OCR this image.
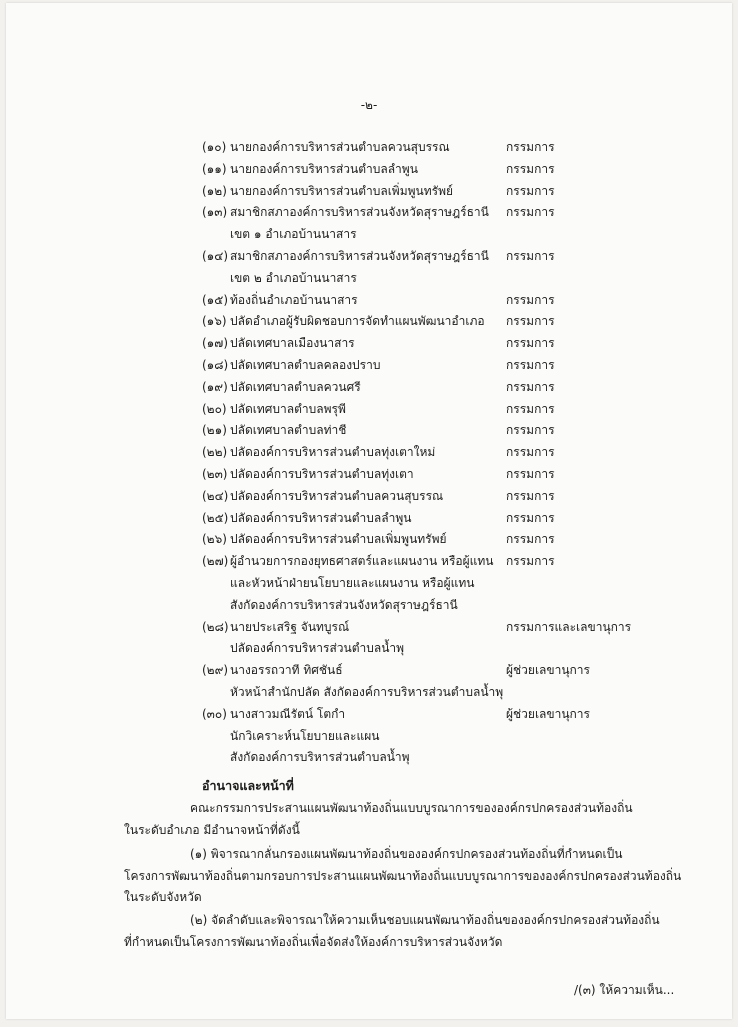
-๒-
(๑๐) นายกองค์การบริหารส่วนตำบลควนสุบรรณ	กรรมการ
(๑๑) นายกองค์การบริหารส่วนตำบลลำพูน	กรรมการ
(๑๒) นายกองค์การบริหารส่วนตำบลเพิ่มพูนทรัพย์	กรรมการ
(๑๓) สมาชิกสภาองค์การบริหารส่วนจังหวัดสุราษฎร์ธานี กรรมการ
เขต ๑ อำเภอบ้านนาสาร
(๑๔) สมาชิกสภาองค์การบริหารส่วนจังหวัดสุราษฎร์ธานี กรรมการ
เขต ๒ อำเภอบ้านนาสาร
(๑๕) ท้องถิ่นอำเภอบ้านนาสาร	กรรมการ
(๑๖) ปลัดอำเภอผู้รับผิดชอบการจัดทำแผนพัฒนาอำเภอ กรรมการ
(๑๗) ปลัดเทศบาลเมืองนาสาร	กรรมการ
(๑๘) ปลัดเทศบาลตำบลคลองปราบ	กรรมการ
(๑๙) ปลัดเทศบาลตำบลควนศรี	กรรมการ
(๒๐) ปลัดเทศบาลตำบลพรุพี	กรรมการ
(๒๑) ปลัดเทศบาลตำบลท่าชี	กรรมการ
(๒๒) ปลัดองค์การบริหารส่วนตำบลทุ่งเตาใหม่	กรรมการ
(๒๓) ปลัดองค์การบริหารส่วนตำบลทุ่งเตา	กรรมการ
(๒๔) ปลัดองค์การบริหารส่วนตำบลควนสุบรรณ	กรรมการ
(๒๕) ปลัดองค์การบริหารส่วนตำบลลำพูน	กรรมการ
(๒๖) ปลัดองค์การบริหารส่วนตำบลเพิ่มพูนทรัพย์	กรรมการ
(๒๗) ผู้อำนวยการกองยุทธศาสตร์และแผนงาน หรือผู้แทน กรรมการ
และหัวหน้าฝ่ายนโยบายและแผนงาน หรือผู้แทน
สังกัดองค์การบริหารส่วนจังหวัดสุราษฎร์ธานี
(๒๘) นายประเสริฐ จันทบูรณ์	กรรมการและเลขานุการ
ปลัดองค์การบริหารส่วนตำบลน้ำพุ
(๒๙) นางอรรถวาที ทิศชันธ์	ผู้ช่วยเลขานุการ
หัวหน้าสำนักปลัด สังกัดองค์การบริหารส่วนตำบลน้ำพุ
(๓๐) นางสาวมณีรัตน์ โตกำ	ผู้ช่วยเลขานุการ
นักวิเคราะห์นโยบายและแผน
สังกัดองค์การบริหารส่วนตำบลน้ำพุ
อำนาจและหน้าที่
คณะกรรมการประสานแผนพัฒนาท้องถิ่นแบบบูรณาการขององค์กรปกครองส่วนท้องถิ่น
ในระดับอำเภอ มีอำนาจหน้าที่ดังนี้
(๑) พิจารณากลั่นกรองแผนพัฒนาท้องถิ่นขององค์กรปกครองส่วนท้องถิ่นที่กำหนดเป็น
โครงการพัฒนาท้องถิ่นตามกรอบการประสานแผนพัฒนาท้องถิ่นแบบบูรณาการขององค์กรปกครองส่วนท้องถิ่น
ในระดับจังหวัด
(๒) จัดลำดับและพิจารณาให้ความเห็นชอบแผนพัฒนาท้องถิ่นขององค์กรปกครองส่วนท้องถิ่น
ที่กำหนดเป็นโครงการพัฒนาท้องถิ่นเพื่อจัดส่งให้องค์การบริหารส่วนจังหวัด
/(๓) ให้ความเห็น...
